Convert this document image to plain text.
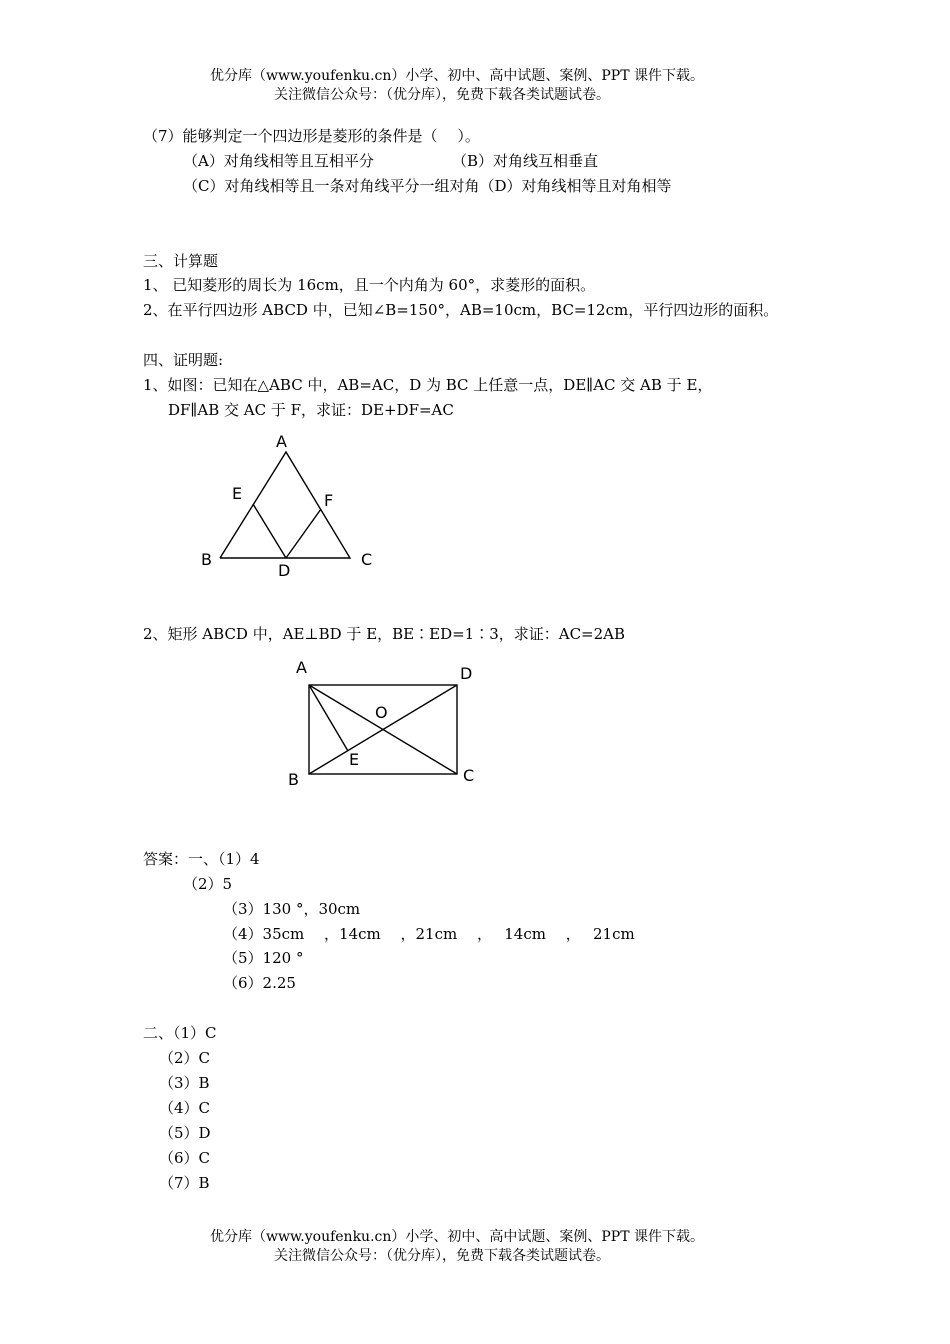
优分库（www.youfenku.cn）小学、初中、高中试题、案例、PPT 课件下载。
关注微信公众号：（优分库），免费下载各类试题试卷。
（7）能够判定一个四边形是菱形的条件是（　 ）。
（A）对角线相等且互相平分	（B）对角线互相垂直
（C）对角线相等且一条对角线平分一组对角（D）对角线相等且对角相等
三、计算题
1、 已知菱形的周长为 16cm，且一个内角为 60°，求菱形的面积。
2、在平行四边形 ABCD 中，已知∠B=150°，AB=10cm，BC=12cm，平行四边形的面积。
四、证明题:
1、如图：已知在△ABC 中，AB=AC，D 为 BC 上任意一点，DE∥AC 交 AB 于 E，
DF∥AB 交 AC 于 F，求证：DE+DF=AC
A
E	F
B
D
C
2、矩形 ABCD 中，AE⊥BD 于 E，BE∶ED=1∶3，求证：AC=2AB
A	D
O
E
B	C
答案：一、（1）4
（2）5
（3）130 °，30cm
（4）35cm　 ，14cm　 ，21cm　 ，　 14cm　 ，　 21cm
（5）120 °
（6）2.25
二、（1）C
（2）C
（3）B
（4）C
（5）D
（6）C
（7）B
优分库（www.youfenku.cn）小学、初中、高中试题、案例、PPT 课件下载。
关注微信公众号：（优分库），免费下载各类试题试卷。
